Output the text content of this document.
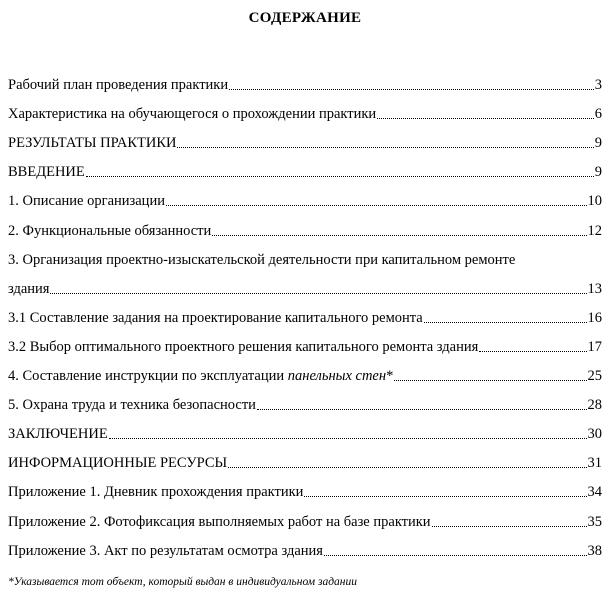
СОДЕРЖАНИЕ
Рабочий план проведения практики	3
Характеристика на обучающегося о прохождении практики	6
РЕЗУЛЬТАТЫ ПРАКТИКИ	9
ВВЕДЕНИЕ	9
1. Описание организации	10
2. Функциональные обязанности	12
3. Организация проектно-изыскательской деятельности при капитальном ремонте
здания	13
3.1 Составление задания на проектирование капитального ремонта	16
3.2 Выбор оптимального проектного решения капитального ремонта здания	17
4. Составление инструкции по эксплуатации панельных стен*	25
5. Охрана труда и техника безопасности	28
ЗАКЛЮЧЕНИЕ	30
ИНФОРМАЦИОННЫЕ РЕСУРСЫ	31
Приложение 1. Дневник прохождения практики	34
Приложение 2. Фотофиксация выполняемых работ на базе практики	35
Приложение 3. Акт по результатам осмотра здания	38
*Указывается тот объект, который выдан в индивидуальном задании
